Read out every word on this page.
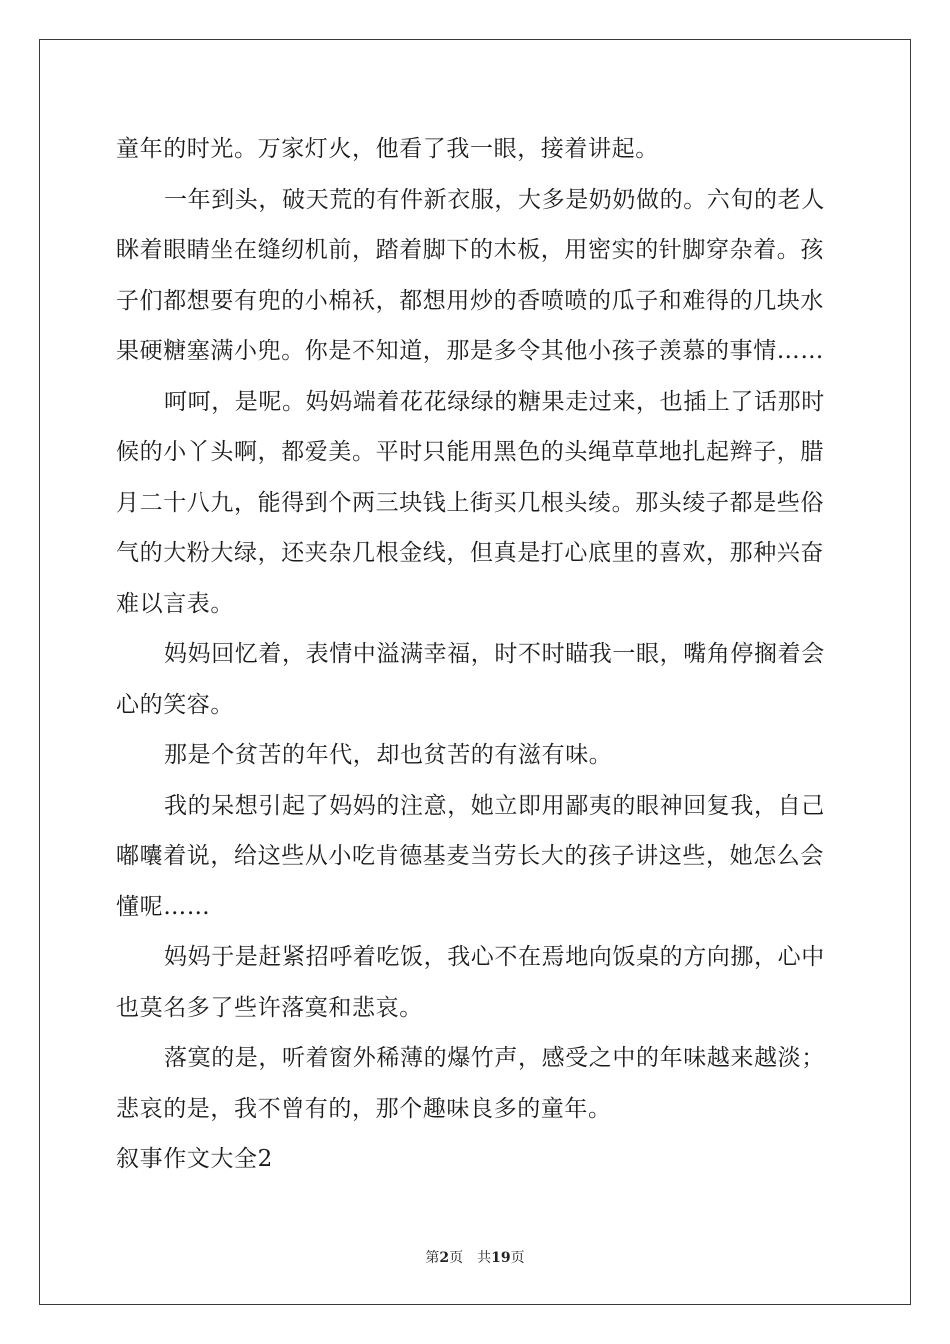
童年的时光。万家灯火，他看了我一眼，接着讲起。
一年到头，破天荒的有件新衣服，大多是奶奶做的。六旬的老人
眯着眼睛坐在缝纫机前，踏着脚下的木板，用密实的针脚穿杂着。孩
子们都想要有兜的小棉袄，都想用炒的香喷喷的瓜子和难得的几块水
果硬糖塞满小兜。你是不知道，那是多令其他小孩子羡慕的事情……
呵呵，是呢。妈妈端着花花绿绿的糖果走过来，也插上了话那时
候的小丫头啊，都爱美。平时只能用黑色的头绳草草地扎起辫子，腊
月二十八九，能得到个两三块钱上街买几根头绫。那头绫子都是些俗
气的大粉大绿，还夹杂几根金线，但真是打心底里的喜欢，那种兴奋
难以言表。
妈妈回忆着，表情中溢满幸福，时不时瞄我一眼，嘴角停搁着会
心的笑容。
那是个贫苦的年代，却也贫苦的有滋有味。
我的呆想引起了妈妈的注意，她立即用鄙夷的眼神回复我，自己
嘟囔着说，给这些从小吃肯德基麦当劳长大的孩子讲这些，她怎么会
懂呢……
妈妈于是赶紧招呼着吃饭，我心不在焉地向饭桌的方向挪，心中
也莫名多了些许落寞和悲哀。
落寞的是，听着窗外稀薄的爆竹声，感受之中的年味越来越淡；
悲哀的是，我不曾有的，那个趣味良多的童年。
叙事作文大全2
第2页 共19页
